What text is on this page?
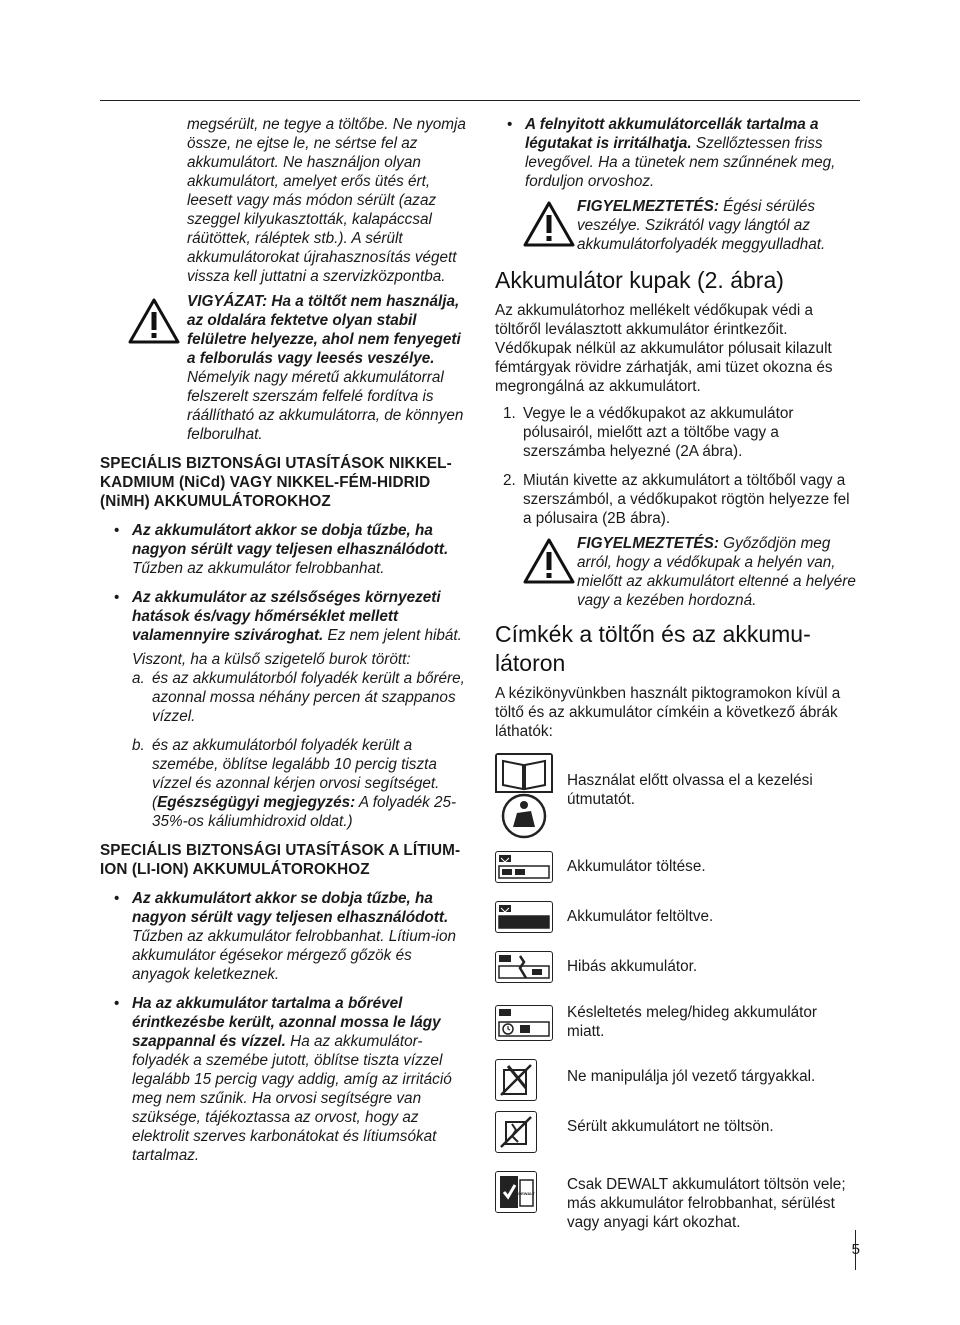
megsérült, ne tegye a töltőbe. Ne nyomja össze, ne ejtse le, ne sértse fel az akkumulátort. Ne használjon olyan akkumulátort, amelyet erős ütés ért, leesett vagy más módon sérült (azaz szeggel kilyukasztották, kalapáccsal ráütöttek, ráléptek stb.). A sérült akkumulátorokat újrahasznosítás végett vissza kell juttatni a szervizközpontba.

VIGYÁZAT: Ha a töltőt nem használja, az oldalára fektetve olyan stabil felületre helyezze, ahol nem fenyegeti a felborulás vagy leesés veszélye. Némelyik nagy méretű akkumulátorral felszerelt szerszám felfelé fordítva is ráállítható az akkumulátorra, de könnyen felborulhat.

SPECIÁLIS BIZTONSÁGI UTASÍTÁSOK NIKKEL-KADMIUM (NiCd) VAGY NIKKEL-FÉM-HIDRID (NiMH) AKKUMULÁTOROKHOZ

• Az akkumulátort akkor se dobja tűzbe, ha nagyon sérült vagy teljesen elhasználódott. Tűzben az akkumulátor felrobbanhat.

• Az akkumulátor az szélsőséges környezeti hatások és/vagy hőmérséklet mellett valamennyire szivároghat. Ez nem jelent hibát.

Viszont, ha a külső szigetelő burok törött:

a. és az akkumulátorból folyadék került a bőrére, azonnal mossa néhány percen át szappanos vízzel.

b. és az akkumulátorból folyadék került a szemébe, öblítse legalább 10 percig tiszta vízzel és azonnal kérjen orvosi segítséget. (Egészségügyi megjegyzés: A folyadék 25-35%-os káliumhidroxid oldat.)

SPECIÁLIS BIZTONSÁGI UTASÍTÁSOK A LÍTIUM-ION (LI-ION) AKKUMULÁTOROKHOZ

• Az akkumulátort akkor se dobja tűzbe, ha nagyon sérült vagy teljesen elhasználódott. Tűzben az akkumulátor felrobbanhat. Lítium-ion akkumulátor égésekor mérgező gőzök és anyagok keletkeznek.

• Ha az akkumulátor tartalma a bőrével érintkezésbe került, azonnal mossa le lágy szappannal és vízzel. Ha az akkumulátor-folyadék a szemébe jutott, öblítse tiszta vízzel legalább 15 percig vagy addig, amíg az irritáció meg nem szűnik. Ha orvosi segítségre van szüksége, tájékoztassa az orvost, hogy az elektrolit szerves karbonátokat és lítiumsókat tartalmaz.

• A felnyitott akkumulátorcellák tartalma a légutakat is irritálhatja. Szellőztessen friss levegővel. Ha a tünetek nem szűnnének meg, forduljon orvoshoz.

FIGYELMEZTETÉS: Égési sérülés veszélye. Szikrától vagy lángtól az akkumulátorfolyadék meggyulladhat.

Akkumulátor kupak (2. ábra)

Az akkumulátorhoz mellékelt védőkupak védi a töltőről leválasztott akkumulátor érintkezőit. Védőkupak nélkül az akkumulátor pólusait kilazult fémtárgyak rövidre zárhatják, ami tüzet okozna és megrongálná az akkumulátort.

1. Vegye le a védőkupakot az akkumulátor pólusairól, mielőtt azt a töltőbe vagy a szerszámba helyezné (2A ábra).

2. Miután kivette az akkumulátort a töltőből vagy a szerszámból, a védőkupakot rögtön helyezze fel a pólusaira (2B ábra).

FIGYELMEZTETÉS: Győződjön meg arról, hogy a védőkupak a helyén van, mielőtt az akkumulátort eltenné a helyére vagy a kezében hordozná.

Címkék a töltőn és az akkumu-látoron

A kézikönyvünkben használt piktogramokon kívül a töltő és az akkumulátor címkéin a következő ábrák láthatók:

Használat előtt olvassa el a kezelési útmutatót.

Akkumulátor töltése.

Akkumulátor feltöltve.

Hibás akkumulátor.

Késleltetés meleg/hideg akkumulátor miatt.

Ne manipulálja jól vezető tárgyakkal.

Sérült akkumulátort ne töltsön.

DEWALT

Csak DEWALT akkumulátort töltsön vele; más akkumulátor felrobbanhat, sérülést vagy anyagi kárt okozhat.

5
